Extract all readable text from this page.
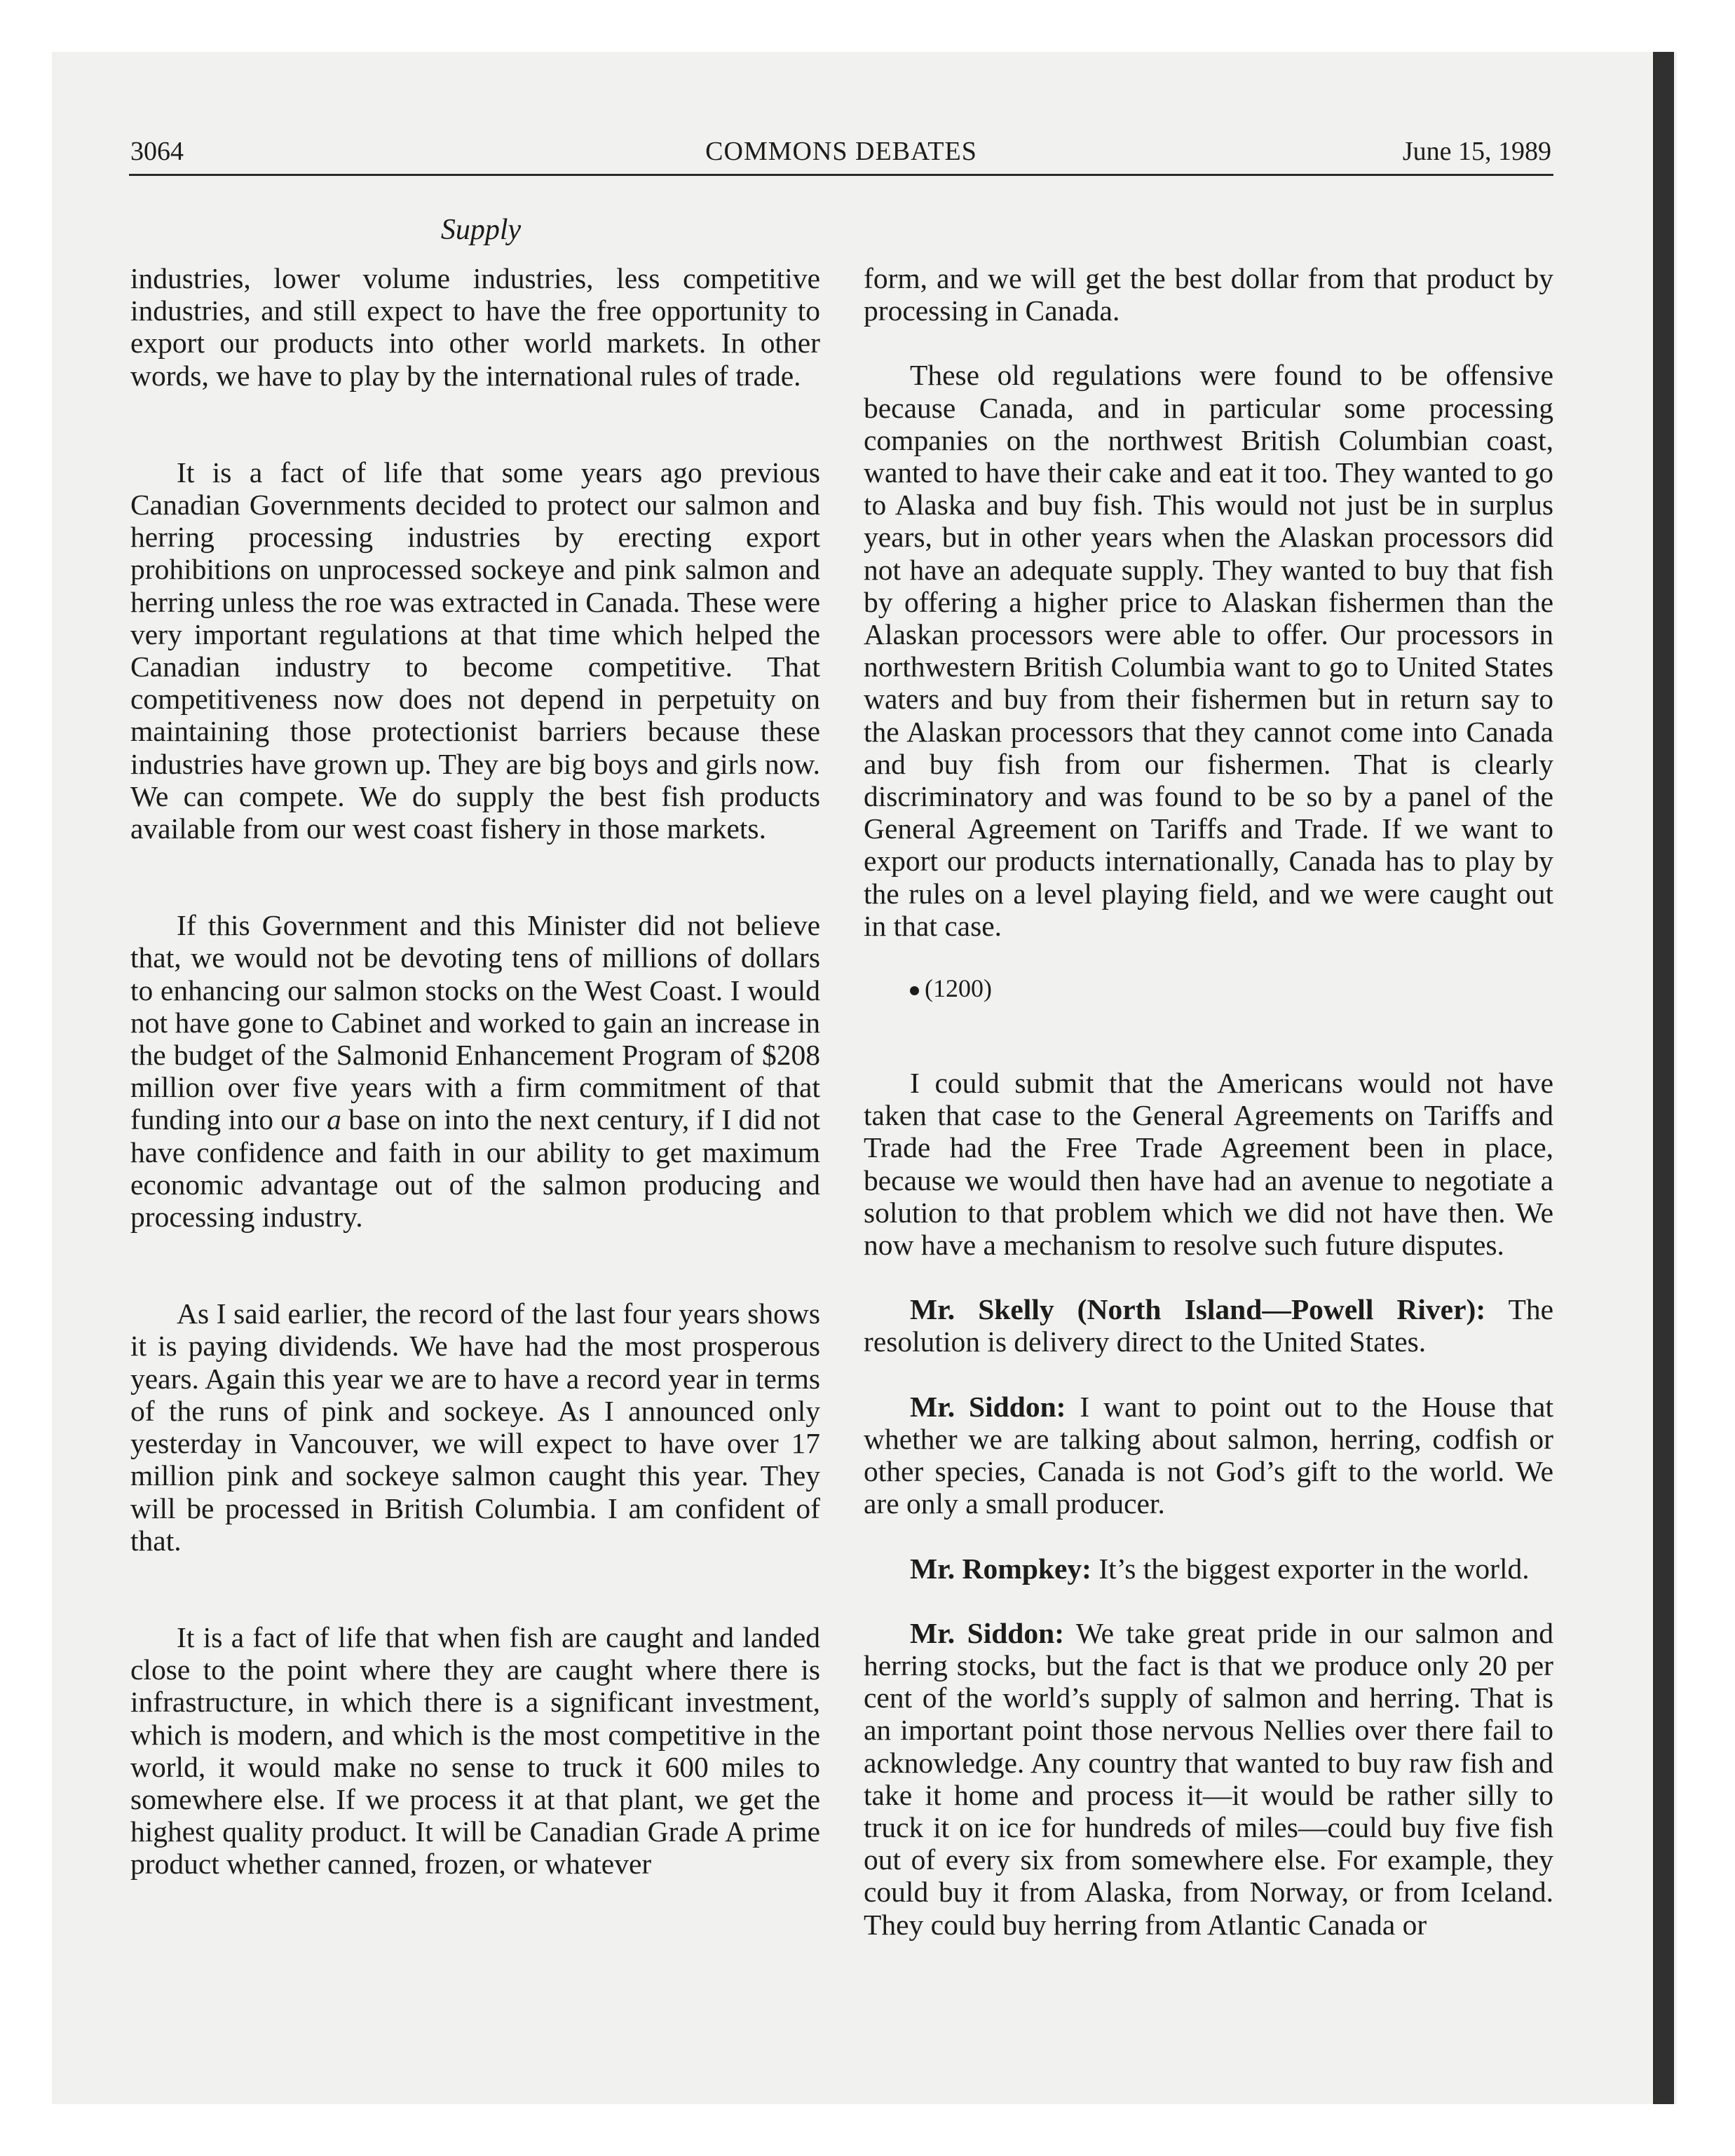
3064	COMMONS DEBATES	June 15, 1989
Supply

industries, lower volume industries, less competitive industries, and still expect to have the free opportunity to export our products into other world markets. In other words, we have to play by the international rules of trade.

It is a fact of life that some years ago previous Canadian Governments decided to protect our salmon and herring processing industries by erecting export prohibitions on unprocessed sockeye and pink salmon and herring unless the roe was extracted in Canada. These were very important regulations at that time which helped the Canadian industry to become competitive. That competitiveness now does not depend in perpetuity on maintaining those protectionist barriers because these industries have grown up. They are big boys and girls now. We can compete. We do supply the best fish products available from our west coast fishery in those markets.

If this Government and this Minister did not believe that, we would not be devoting tens of millions of dollars to enhancing our salmon stocks on the West Coast. I would not have gone to Cabinet and worked to gain an increase in the budget of the Salmonid Enhancement Program of $208 million over five years with a firm commitment of that funding into our a base on into the next century, if I did not have confidence and faith in our ability to get maximum economic advantage out of the salmon producing and processing industry.

As I said earlier, the record of the last four years shows it is paying dividends. We have had the most prosperous years. Again this year we are to have a record year in terms of the runs of pink and sockeye. As I announced only yesterday in Vancouver, we will expect to have over 17 million pink and sockeye salmon caught this year. They will be processed in British Columbia. I am confident of that.

It is a fact of life that when fish are caught and landed close to the point where they are caught where there is infrastructure, in which there is a significant investment, which is modern, and which is the most competitive in the world, it would make no sense to truck it 600 miles to somewhere else. If we process it at that plant, we get the highest quality product. It will be Canadian Grade A prime product whether canned, frozen, or whatever

form, and we will get the best dollar from that product by processing in Canada.

These old regulations were found to be offensive because Canada, and in particular some processing companies on the northwest British Columbian coast, wanted to have their cake and eat it too. They wanted to go to Alaska and buy fish. This would not just be in surplus years, but in other years when the Alaskan processors did not have an adequate supply. They wanted to buy that fish by offering a higher price to Alaskan fishermen than the Alaskan processors were able to offer. Our processors in northwestern British Columbia want to go to United States waters and buy from their fishermen but in return say to the Alaskan processors that they cannot come into Canada and buy fish from our fishermen. That is clearly discriminatory and was found to be so by a panel of the General Agreement on Tariffs and Trade. If we want to export our products internationally, Canada has to play by the rules on a level playing field, and we were caught out in that case.

(1200)

I could submit that the Americans would not have taken that case to the General Agreements on Tariffs and Trade had the Free Trade Agreement been in place, because we would then have had an avenue to negotiate a solution to that problem which we did not have then. We now have a mechanism to resolve such future disputes.

Mr. Skelly (North Island—Powell River): The resolution is delivery direct to the United States.

Mr. Siddon: I want to point out to the House that whether we are talking about salmon, herring, codfish or other species, Canada is not God’s gift to the world. We are only a small producer.

Mr. Rompkey: It’s the biggest exporter in the world.

Mr. Siddon: We take great pride in our salmon and herring stocks, but the fact is that we produce only 20 per cent of the world’s supply of salmon and herring. That is an important point those nervous Nellies over there fail to acknowledge. Any country that wanted to buy raw fish and take it home and process it—it would be rather silly to truck it on ice for hundreds of miles—could buy five fish out of every six from somewhere else. For example, they could buy it from Alaska, from Norway, or from Iceland. They could buy herring from Atlantic Canada or
